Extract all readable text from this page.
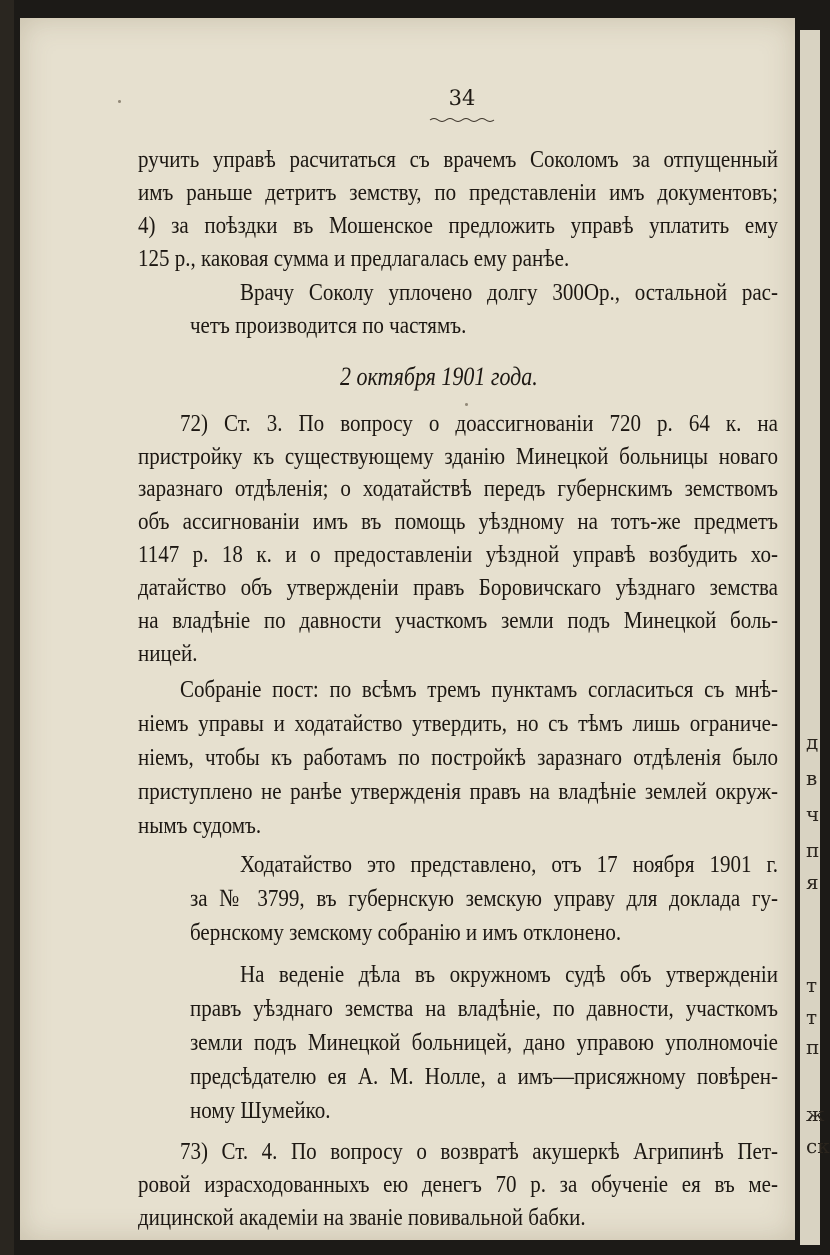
д
в
ч
п
я
т
т
п
ж
ск
34
ручить управѣ расчитаться съ врачемъ Соколомъ за отпущенный
имъ раньше детритъ земству, по представленіи имъ документовъ;
4) за поѣздки въ Мошенское предложить управѣ уплатить ему
125 р., каковая сумма и предлагалась ему ранѣе.
Врачу Соколу уплочено долгу 300Ор., остальной рас-
четъ производится по частямъ.
2 октября 1901 года.
72) Ст. 3. По вопросу о доассигнованіи 720 р. 64 к. на
пристройку къ существующему зданію Минецкой больницы новаго
заразнаго отдѣленія; о ходатайствѣ передъ губернскимъ земствомъ
объ ассигнованіи имъ въ помощь уѣздному на тотъ-же предметъ
1147 р. 18 к. и о предоставленіи уѣздной управѣ возбудить хо-
датайство объ утвержденіи правъ Боровичскаго уѣзднаго земства
на владѣніе по давности участкомъ земли подъ Минецкой боль-
ницей.
Собраніе пост: по всѣмъ тремъ пунктамъ согласиться съ мнѣ-
ніемъ управы и ходатайство утвердить, но съ тѣмъ лишь ограниче-
ніемъ, чтобы къ работамъ по постройкѣ заразнаго отдѣленія было
приступлено не ранѣе утвержденія правъ на владѣніе землей окруж-
нымъ судомъ.
Ходатайство это представлено, отъ 17 ноября 1901 г.
за № 3799, въ губернскую земскую управу для доклада гу-
бернскому земскому собранію и имъ отклонено.
На веденіе дѣла въ окружномъ судѣ объ утвержденіи
правъ уѣзднаго земства на владѣніе, по давности, участкомъ
земли подъ Минецкой больницей, дано управою уполномочіе
предсѣдателю ея А. М. Нолле, а имъ—присяжному повѣрен-
ному Шумейко.
73) Ст. 4. По вопросу о возвратѣ акушеркѣ Агрипинѣ Пет-
ровой израсходованныхъ ею денегъ 70 р. за обученіе ея въ ме-
дицинской академіи на званіе повивальной бабки.
